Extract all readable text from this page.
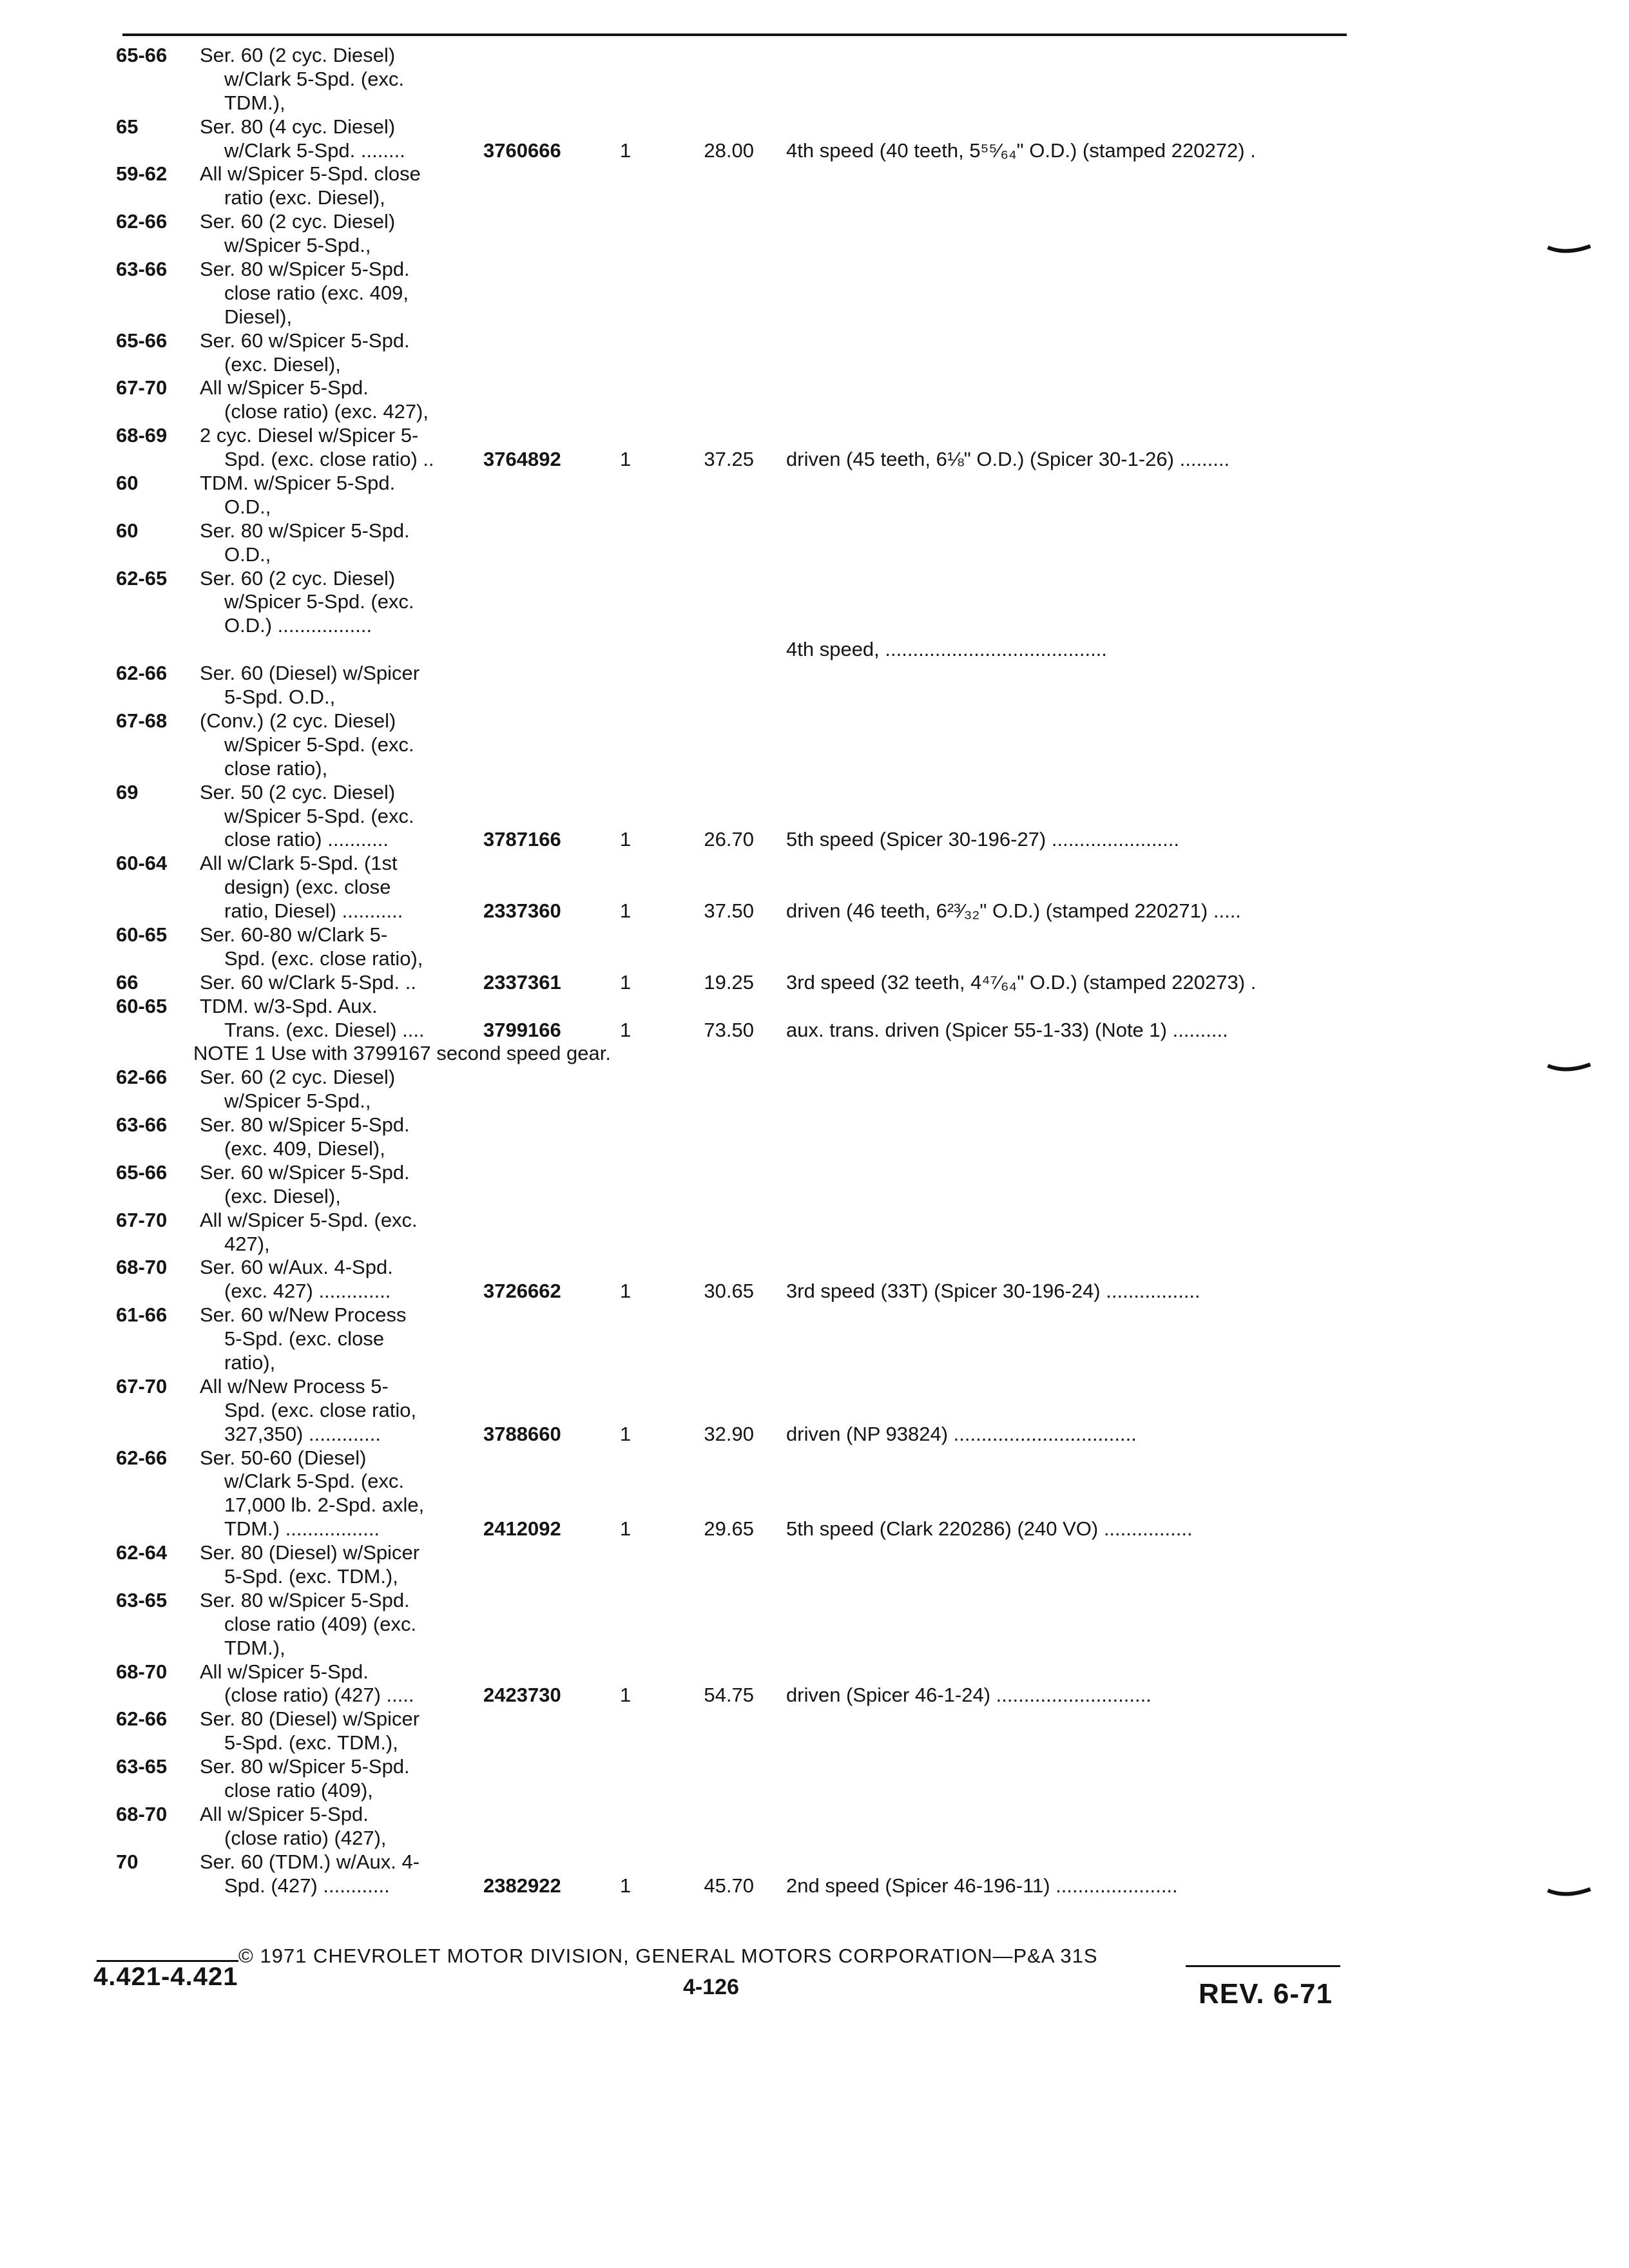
65-66 Ser. 60 (2 cyc. Diesel)
w/Clark 5-Spd. (exc.
TDM.),
65	Ser. 80 (4 cyc. Diesel)
w/Clark 5-Spd. ........	3760666	1	28.00 4th speed (40 teeth, 5⁵⁵⁄₆₄" O.D.) (stamped 220272) .
59-62 All w/Spicer 5-Spd. close
ratio (exc. Diesel),
62-66 Ser. 60 (2 cyc. Diesel)
w/Spicer 5-Spd.,
63-66 Ser. 80 w/Spicer 5-Spd.
close ratio (exc. 409,
Diesel),
65-66 Ser. 60 w/Spicer 5-Spd.
(exc. Diesel),
67-70 All w/Spicer 5-Spd.
(close ratio) (exc. 427),
68-69 2 cyc. Diesel w/Spicer 5-
Spd. (exc. close ratio) .. 3764892	1	37.25 driven (45 teeth, 6⅛" O.D.) (Spicer 30-1-26) .........
60	TDM. w/Spicer 5-Spd.
O.D.,
60	Ser. 80 w/Spicer 5-Spd.
O.D.,
62-65 Ser. 60 (2 cyc. Diesel)
w/Spicer 5-Spd. (exc.
O.D.) .................
4th speed, ........................................
62-66 Ser. 60 (Diesel) w/Spicer
5-Spd. O.D.,
67-68 (Conv.) (2 cyc. Diesel)
w/Spicer 5-Spd. (exc.
close ratio),
69	Ser. 50 (2 cyc. Diesel)
w/Spicer 5-Spd. (exc.
close ratio) ...........	3787166	1	26.70 5th speed (Spicer 30-196-27) .......................
60-64 All w/Clark 5-Spd. (1st
design) (exc. close
ratio, Diesel) ...........	2337360	1	37.50 driven (46 teeth, 6²³⁄₃₂" O.D.) (stamped 220271) .....
60-65 Ser. 60-80 w/Clark 5-
Spd. (exc. close ratio),
66	Ser. 60 w/Clark 5-Spd. ..	2337361	1	19.25 3rd speed (32 teeth, 4⁴⁷⁄₆₄" O.D.) (stamped 220273) .
60-65 TDM. w/3-Spd. Aux.
Trans. (exc. Diesel) ....	3799166	1	73.50 aux. trans. driven (Spicer 55-1-33) (Note 1) ..........
NOTE 1 Use with 3799167 second speed gear.
62-66 Ser. 60 (2 cyc. Diesel)
w/Spicer 5-Spd.,
63-66 Ser. 80 w/Spicer 5-Spd.
(exc. 409, Diesel),
65-66 Ser. 60 w/Spicer 5-Spd.
(exc. Diesel),
67-70 All w/Spicer 5-Spd. (exc.
427),
68-70 Ser. 60 w/Aux. 4-Spd.
(exc. 427) .............	3726662	1	30.65 3rd speed (33T) (Spicer 30-196-24) .................
61-66 Ser. 60 w/New Process
5-Spd. (exc. close
ratio),
67-70 All w/New Process 5-
Spd. (exc. close ratio,
327,350) .............	3788660	1	32.90 driven (NP 93824) .................................
62-66 Ser. 50-60 (Diesel)
w/Clark 5-Spd. (exc.
17,000 lb. 2-Spd. axle,
TDM.) .................	2412092	1	29.65 5th speed (Clark 220286) (240 VO) ................
62-64 Ser. 80 (Diesel) w/Spicer
5-Spd. (exc. TDM.),
63-65 Ser. 80 w/Spicer 5-Spd.
close ratio (409) (exc.
TDM.),
68-70 All w/Spicer 5-Spd.
(close ratio) (427) .....	2423730	1	54.75 driven (Spicer 46-1-24) ............................
62-66 Ser. 80 (Diesel) w/Spicer
5-Spd. (exc. TDM.),
63-65 Ser. 80 w/Spicer 5-Spd.
close ratio (409),
68-70 All w/Spicer 5-Spd.
(close ratio) (427),
70	Ser. 60 (TDM.) w/Aux. 4-
Spd. (427) ............	2382922	1	45.70 2nd speed (Spicer 46-196-11) ......................
© 1971 CHEVROLET MOTOR DIVISION, GENERAL MOTORS CORPORATION—P&A 31S
4.421-4.421	4-126	REV. 6-71
